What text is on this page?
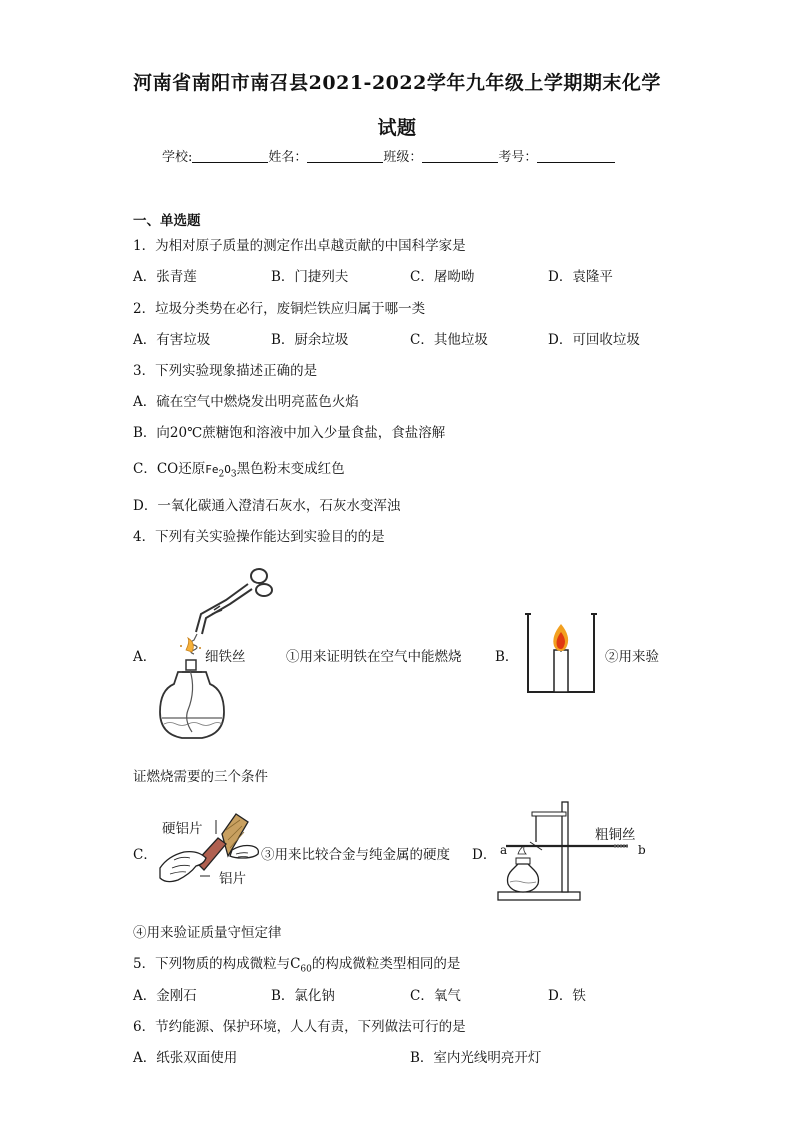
河南省南阳市南召县2021-2022学年九年级上学期期末化学
试题
学校:	姓名：	班级：	考号：
一、单选题
1．为相对原子质量的测定作出卓越贡献的中国科学家是
A．张青莲	B．门捷列夫	C．屠呦呦	D．袁隆平
2．垃圾分类势在必行，废铜烂铁应归属于哪一类
A．有害垃圾	B．厨余垃圾	C．其他垃圾	D．可回收垃圾
3．下列实验现象描述正确的是
A．硫在空气中燃烧发出明亮蓝色火焰
B．向20℃蔗糖饱和溶液中加入少量食盐，食盐溶解
C．CO还原$Fe_2O_3$黑色粉末变成红色
D．一氧化碳通入澄清石灰水，石灰水变浑浊
4．下列有关实验操作能达到实验目的的是
A．	细铁丝	①用来证明铁在空气中能燃烧 B．	②用来验
证燃烧需要的三个条件
C．
硬铝片
铝片
③用来比较合金与纯金属的硬度 D．
粗铜丝
a	b
④用来验证质量守恒定律
5．下列物质的构成微粒与$C_{60}$的构成微粒类型相同的是
A．金刚石	B．氯化钠	C．氧气	D．铁
6．节约能源、保护环境，人人有责，下列做法可行的是
A．纸张双面使用	B．室内光线明亮开灯
